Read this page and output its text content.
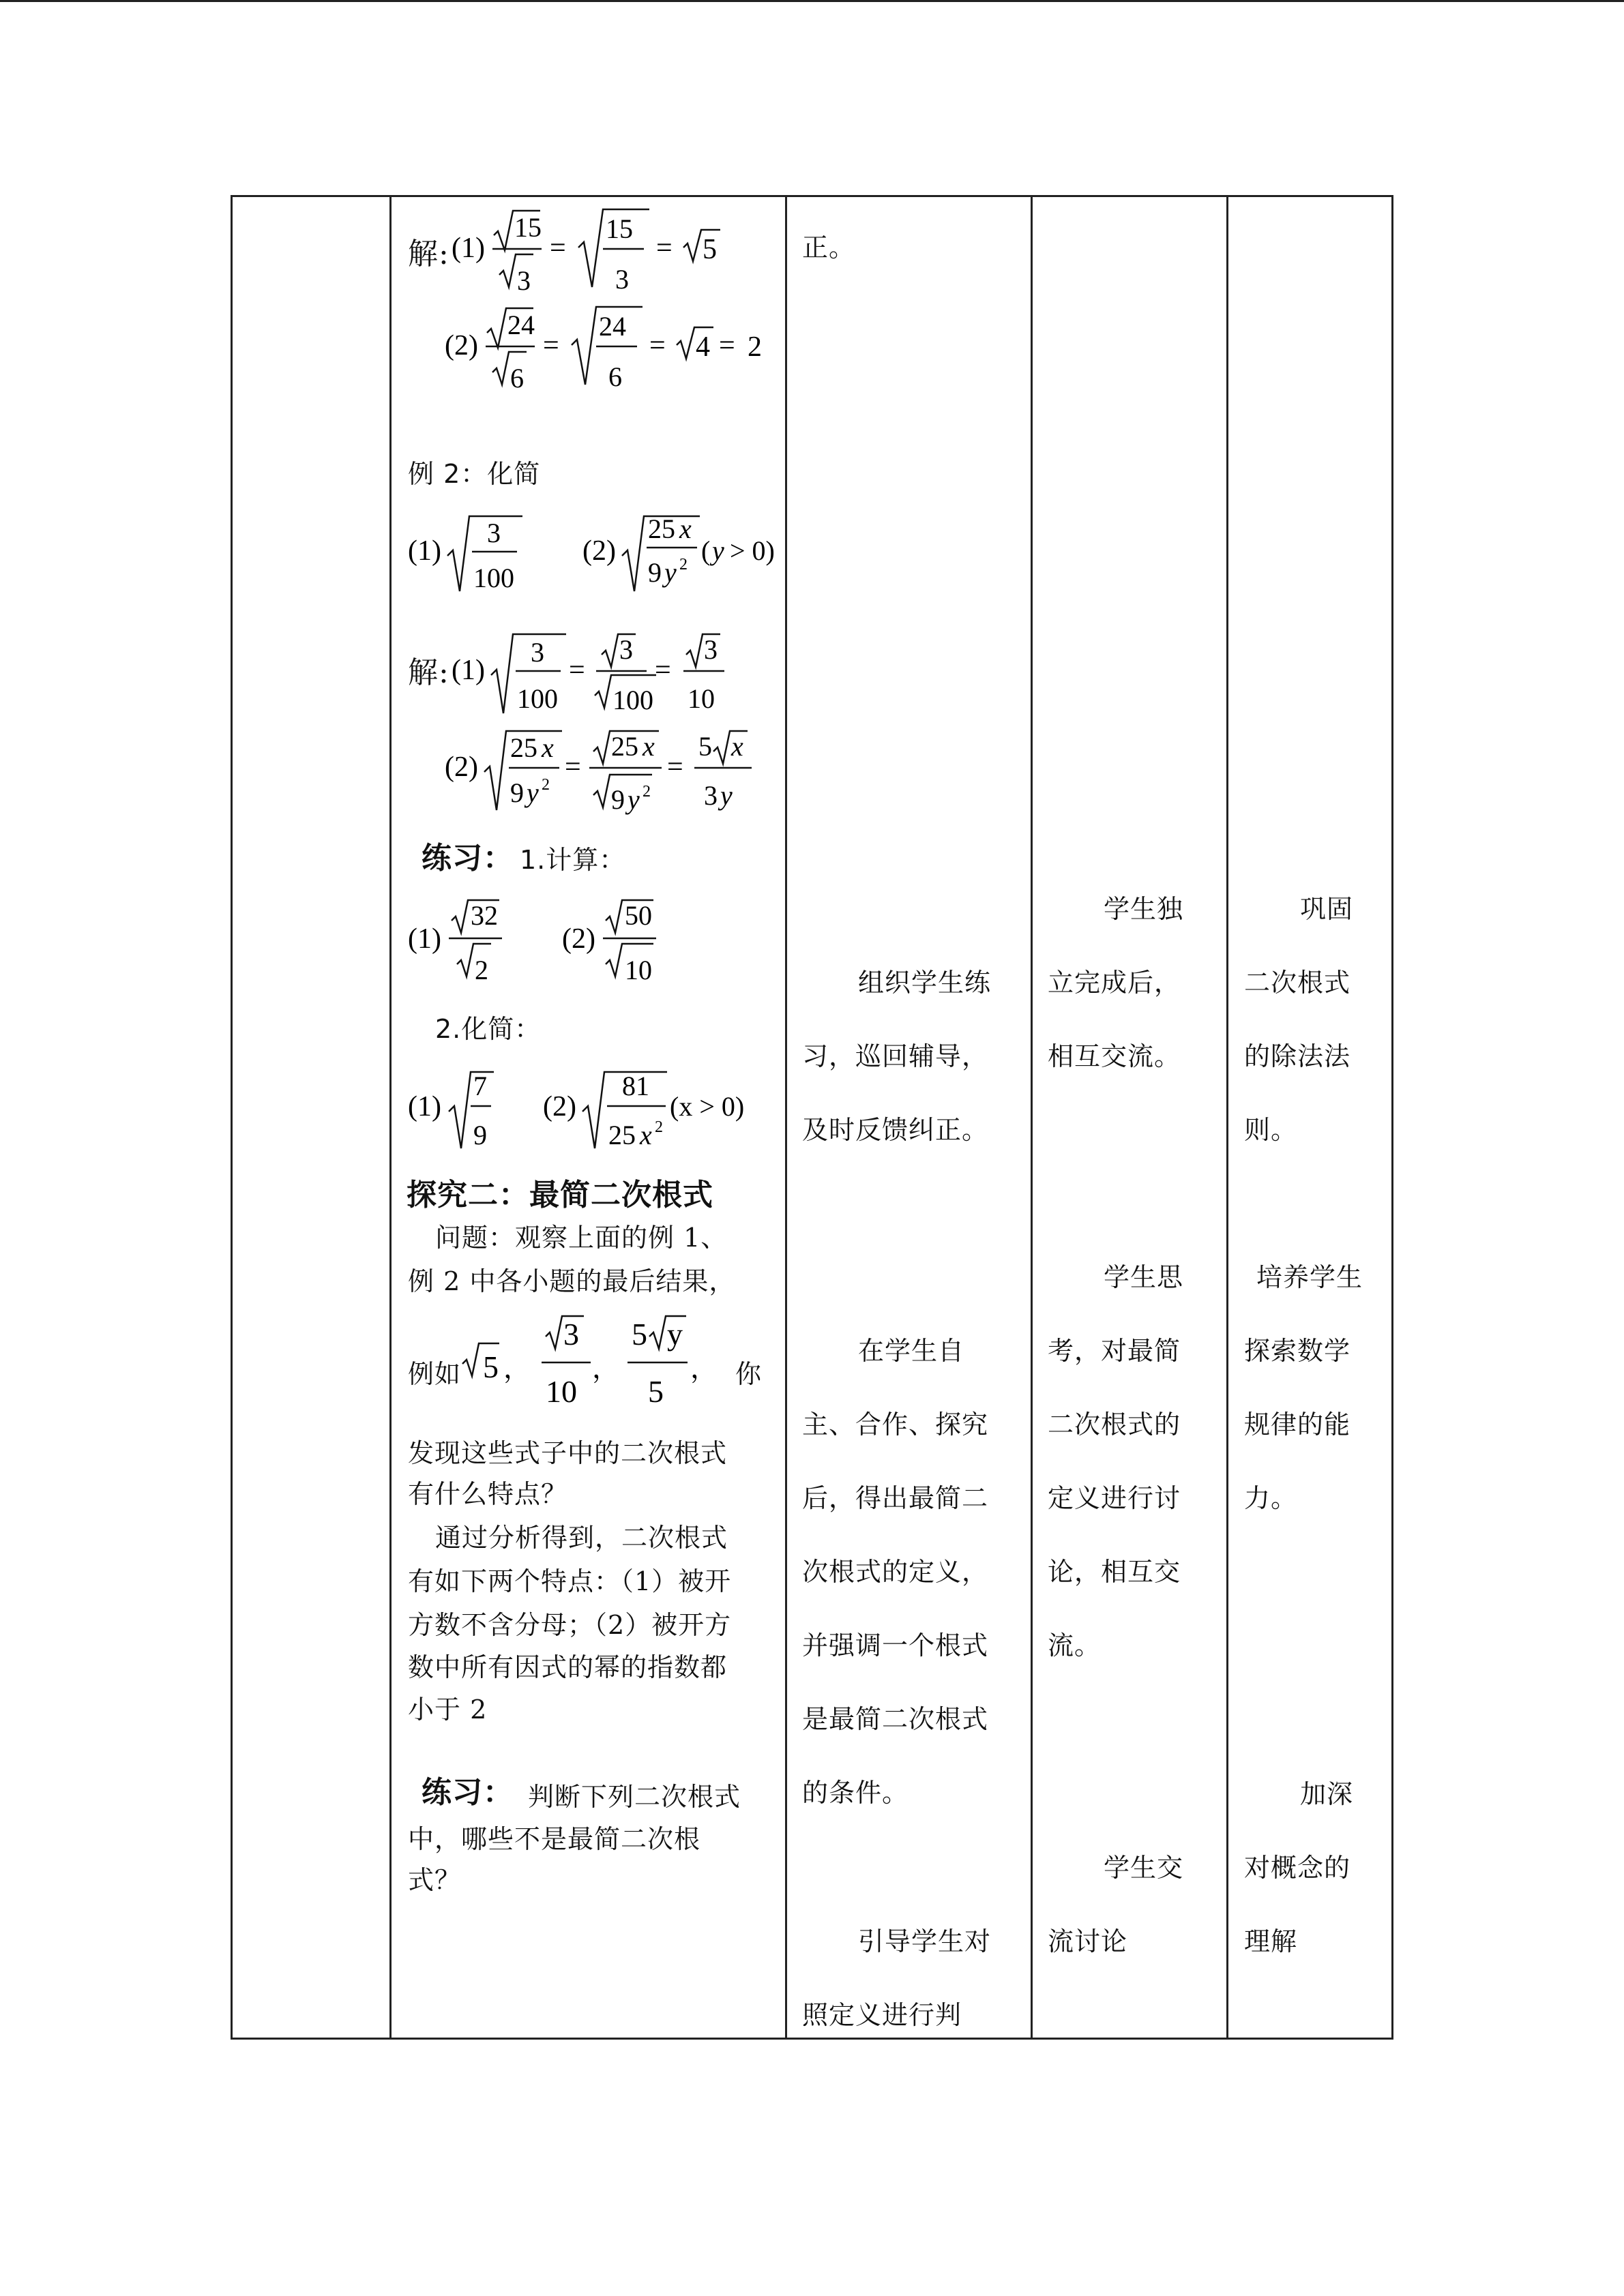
解: (1)
15
3
=
15
3
= 5
(2)
24
6
=
24
6
= 4 = 2
例 2：化简
(1)
3
100
(2)
25 x
9 y 2 ( y > 0)
解: (1)
3
100
=
3
100
=
3
10
(2)
25 x
9 y 2
=
25 x
9 y 2
=
5 x
3 y
练习： 1.计算：
(1)
32
2
(2)
50
10
2.化简：
(1)
7
9
(2)
81
25 x 2
(x > 0)
探究二：最简二次根式
问题：观察上面的例 1、
例 2 中各小题的最后结果，
例如 5 ，
3
10
，
5 y
5
， 你
发现这些式子中的二次根式
有什么特点？
通过分析得到，二次根式
有如下两个特点：（1）被开
方数不含分母；（2）被开方
数中所有因式的幂的指数都
小于 2
练习： 判断下列二次根式
中，哪些不是最简二次根
式？
正。
组织学生练
习，巡回辅导，
及时反馈纠正。
在学生自
主、合作、探究
后，得出最简二
次根式的定义，
并强调一个根式
是最简二次根式
的条件。
引导学生对
照定义进行判
学生独
立完成后，
相互交流。
学生思
考，对最简
二次根式的
定义进行讨
论，相互交
流。
学生交
流讨论
巩固
二次根式
的除法法
则。
培养学生
探索数学
规律的能
力。
加深
对概念的
理解
